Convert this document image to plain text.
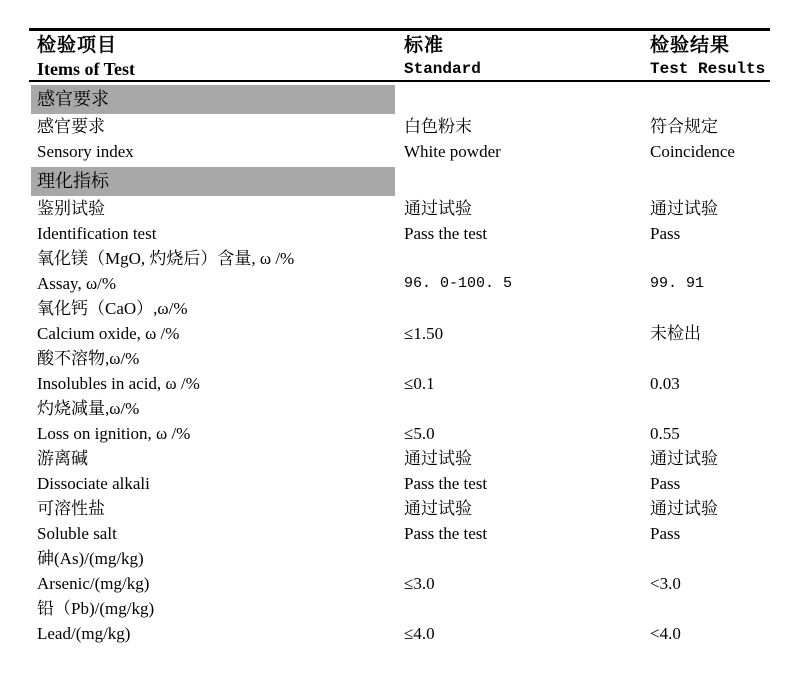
检验项目	标准	检验结果
Items of Test	Standard	Test Results
感官要求
感官要求	白色粉末	符合规定
Sensory index	White powder	Coincidence
理化指标
鉴别试验	通过试验	通过试验
Identification test	Pass the test	Pass
氧化镁（MgO, 灼烧后）含量, ω /%
Assay, ω/%	96. 0-100. 5	99. 91
氧化钙（CaO）,ω/%
Calcium oxide, ω /%	≤1.50	未检出
酸不溶物,ω/%
Insolubles in acid, ω /%	≤0.1	0.03
灼烧减量,ω/%
Loss on ignition, ω /%	≤5.0	0.55
游离碱	通过试验	通过试验
Dissociate alkali	Pass the test	Pass
可溶性盐	通过试验	通过试验
Soluble salt	Pass the test	Pass
砷(As)/(mg/kg)
Arsenic/(mg/kg)	≤3.0	<3.0
铅（Pb)/(mg/kg)
Lead/(mg/kg)	≤4.0	<4.0
